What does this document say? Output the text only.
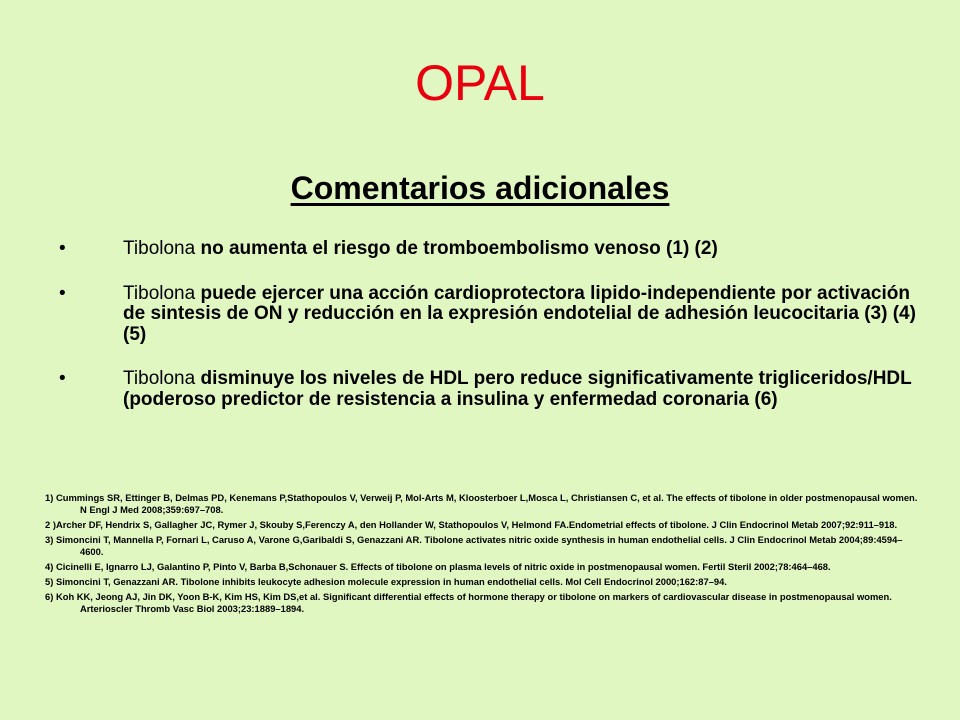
OPAL
Comentarios adicionales
•	Tibolona no aumenta el riesgo de tromboembolismo venoso (1) (2)
•	Tibolona puede ejercer una acción cardioprotectora lipido-independiente por activación de sintesis de ON y reducción en la expresión endotelial de adhesión leucocitaria (3) (4) (5)
•	Tibolona disminuye los niveles de HDL pero reduce significativamente trigliceridos/HDL (poderoso predictor de resistencia a insulina y enfermedad coronaria (6)
1) Cummings SR, Ettinger B, Delmas PD, Kenemans P,Stathopoulos V, Verweij P, Mol-Arts M, Kloosterboer L,Mosca L, Christiansen C, et al. The effects of tibolone in older postmenopausal women. N Engl J Med 2008;359:697–708.
2 )Archer DF, Hendrix S, Gallagher JC, Rymer J, Skouby S,Ferenczy A, den Hollander W, Stathopoulos V, Helmond FA.Endometrial effects of tibolone. J Clin Endocrinol Metab 2007;92:911–918.
3) Simoncini T, Mannella P, Fornari L, Caruso A, Varone G,Garibaldi S, Genazzani AR. Tibolone activates nitric oxide synthesis in human endothelial cells. J Clin Endocrinol Metab 2004;89:4594–4600.
4) Cicinelli E, Ignarro LJ, Galantino P, Pinto V, Barba B,Schonauer S. Effects of tibolone on plasma levels of nitric oxide in postmenopausal women. Fertil Steril 2002;78:464–468.
5) Simoncini T, Genazzani AR. Tibolone inhibits leukocyte adhesion molecule expression in human endothelial cells. Mol Cell Endocrinol 2000;162:87–94.
6) Koh KK, Jeong AJ, Jin DK, Yoon B-K, Kim HS, Kim DS,et al. Significant differential effects of hormone therapy or tibolone on markers of cardiovascular disease in postmenopausal women. Arterioscler Thromb Vasc Biol 2003;23:1889–1894.
